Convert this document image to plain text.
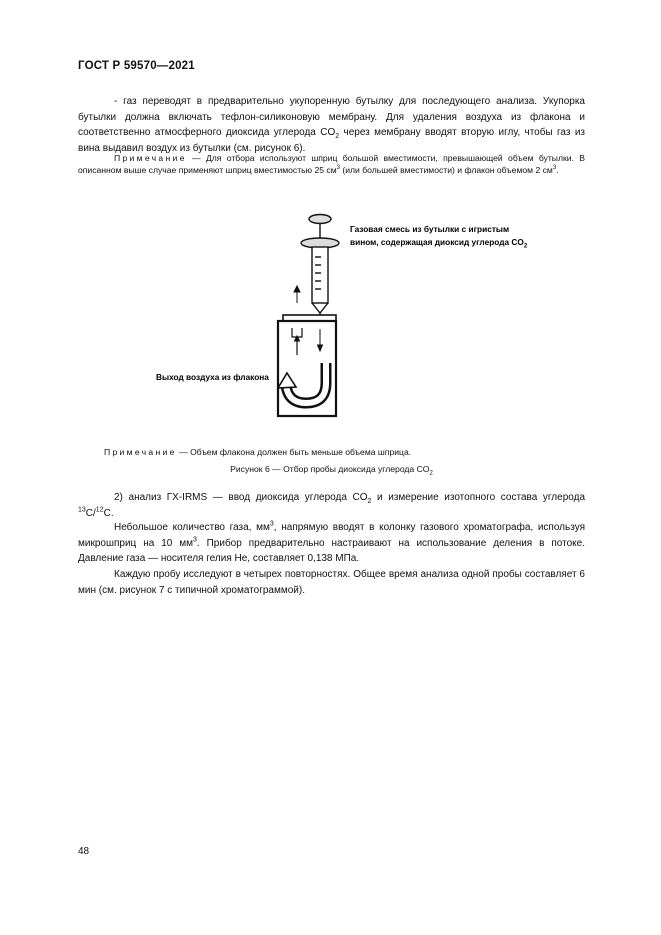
ГОСТ Р 59570—2021

- газ переводят в предварительно укупоренную бутылку для последующего анализа. Укупорка бутылки должна включать тефлон-силиконовую мембрану. Для удаления воздуха из флакона и соответственно атмосферного диоксида углерода $CO_2$ через мембрану вводят вторую иглу, чтобы газ из вина выдавил воздух из бутылки (см. рисунок 6).

Примечание — Для отбора используют шприц большой вместимости, превышающей объем бутылки. В описанном выше случае применяют шприц вместимостью 25 $см^3$ (или большей вместимости) и флакон объемом 2 $см^3$.

Газовая смесь из бутылки с игристым
вином, содержащая диоксид углерода $CO_2$
Выход воздуха из флакона

Примечание — Объем флакона должен быть меньше объема шприца.

Рисунок 6 — Отбор пробы диоксида углерода $CO_2$

2) анализ ГХ-IRMS — ввод диоксида углерода $CO_2$ и измерение изотопного состава углерода $^{13}$C/$^{12}$C.

Небольшое количество газа, $мм^3$, напрямую вводят в колонку газового хроматографа, используя микрошприц на 10 $мм^3$. Прибор предварительно настраивают на использование деления в потоке. Давление газа — носителя гелия He, составляет 0,138 МПа.

Каждую пробу исследуют в четырех повторностях. Общее время анализа одной пробы составляет 6 мин (см. рисунок 7 с типичной хроматограммой).

48
